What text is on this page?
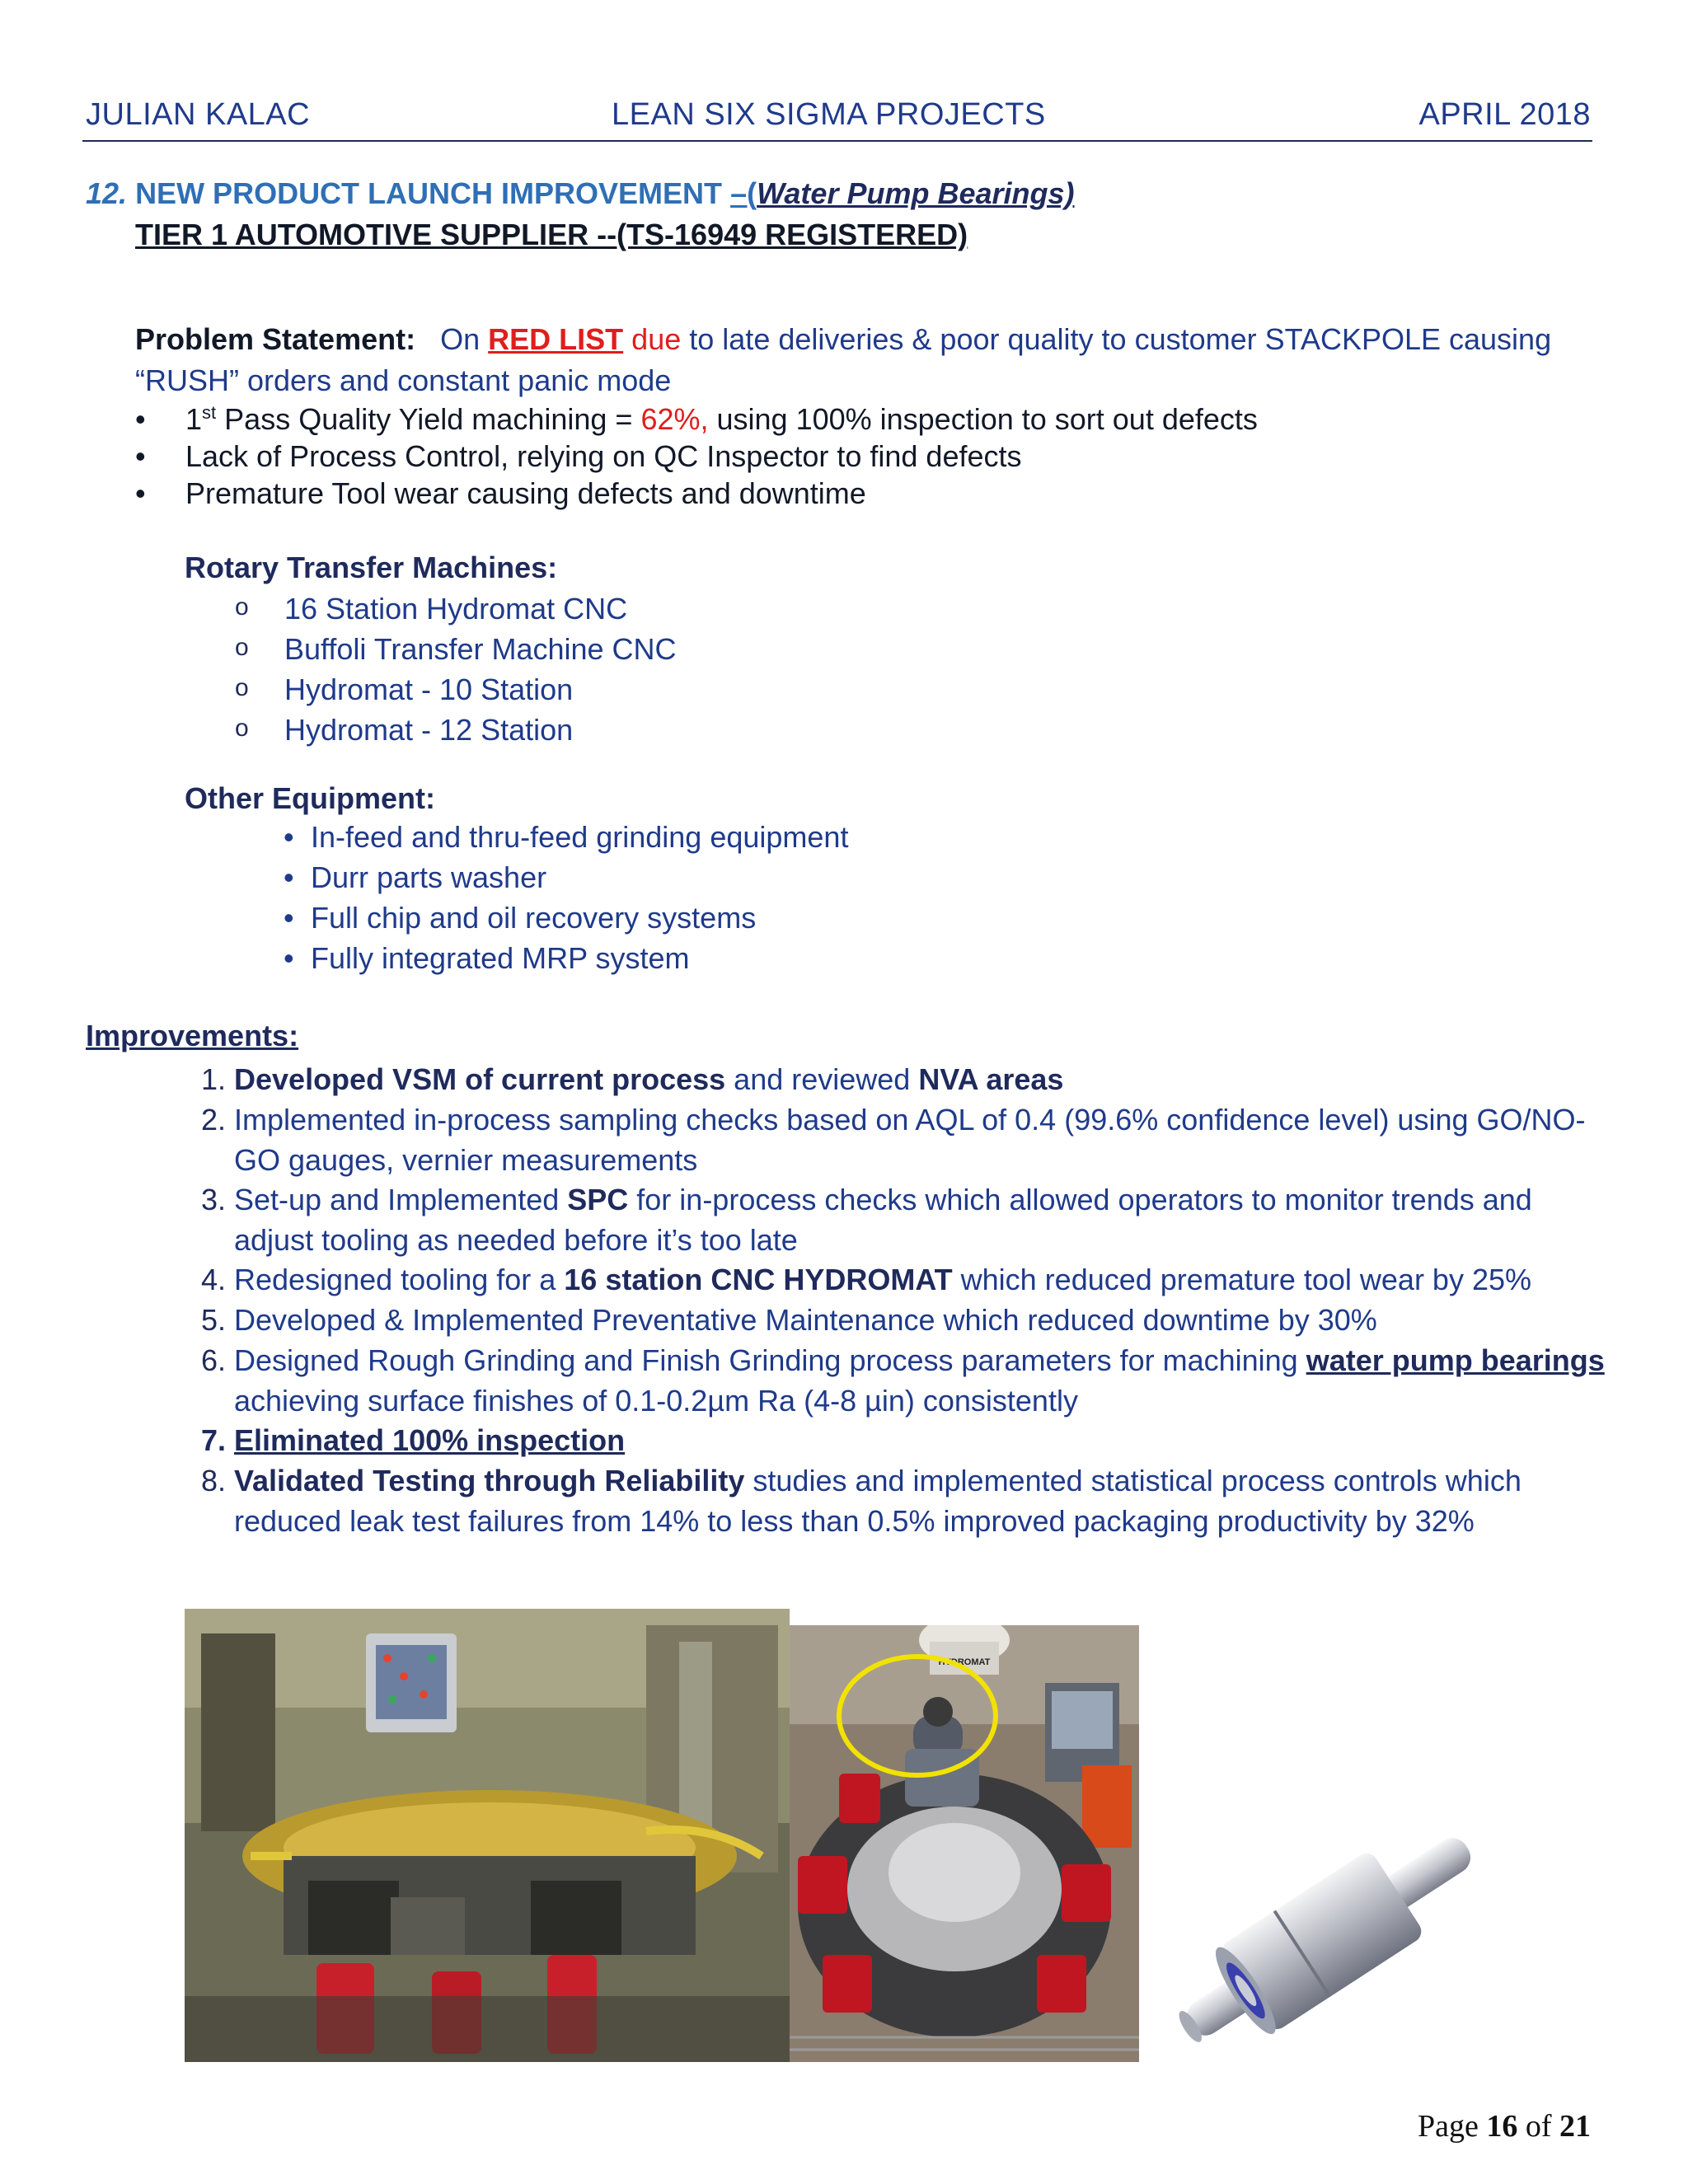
JULIAN KALAC	LEAN SIX SIGMA PROJECTS	APRIL 2018
12. NEW PRODUCT LAUNCH IMPROVEMENT –(Water Pump Bearings)
TIER 1 AUTOMOTIVE SUPPLIER --(TS-16949 REGISTERED)
Problem Statement: On RED LIST due to late deliveries & poor quality to customer STACKPOLE causing “RUSH” orders and constant panic mode
• 1st Pass Quality Yield machining = 62%, using 100% inspection to sort out defects
• Lack of Process Control, relying on QC Inspector to find defects
• Premature Tool wear causing defects and downtime
Rotary Transfer Machines:
o 16 Station Hydromat CNC
o Buffoli Transfer Machine CNC
o Hydromat - 10 Station
o Hydromat - 12 Station
Other Equipment:
• In-feed and thru-feed grinding equipment
• Durr parts washer
• Full chip and oil recovery systems
• Fully integrated MRP system
Improvements:
1. Developed VSM of current process and reviewed NVA areas
2. Implemented in-process sampling checks based on AQL of 0.4 (99.6% confidence level) using GO/NO-GO gauges, vernier measurements
3. Set-up and Implemented SPC for in-process checks which allowed operators to monitor trends and adjust tooling as needed before it’s too late
4. Redesigned tooling for a 16 station CNC HYDROMAT which reduced premature tool wear by 25%
5. Developed & Implemented Preventative Maintenance which reduced downtime by 30%
6. Designed Rough Grinding and Finish Grinding process parameters for machining water pump bearings achieving surface finishes of 0.1-0.2µm Ra (4-8 µin) consistently
7. Eliminated 100% inspection
8. Validated Testing through Reliability studies and implemented statistical process controls which reduced leak test failures from 14% to less than 0.5% improved packaging productivity by 32%
HYDROMAT
Page 16 of 21
